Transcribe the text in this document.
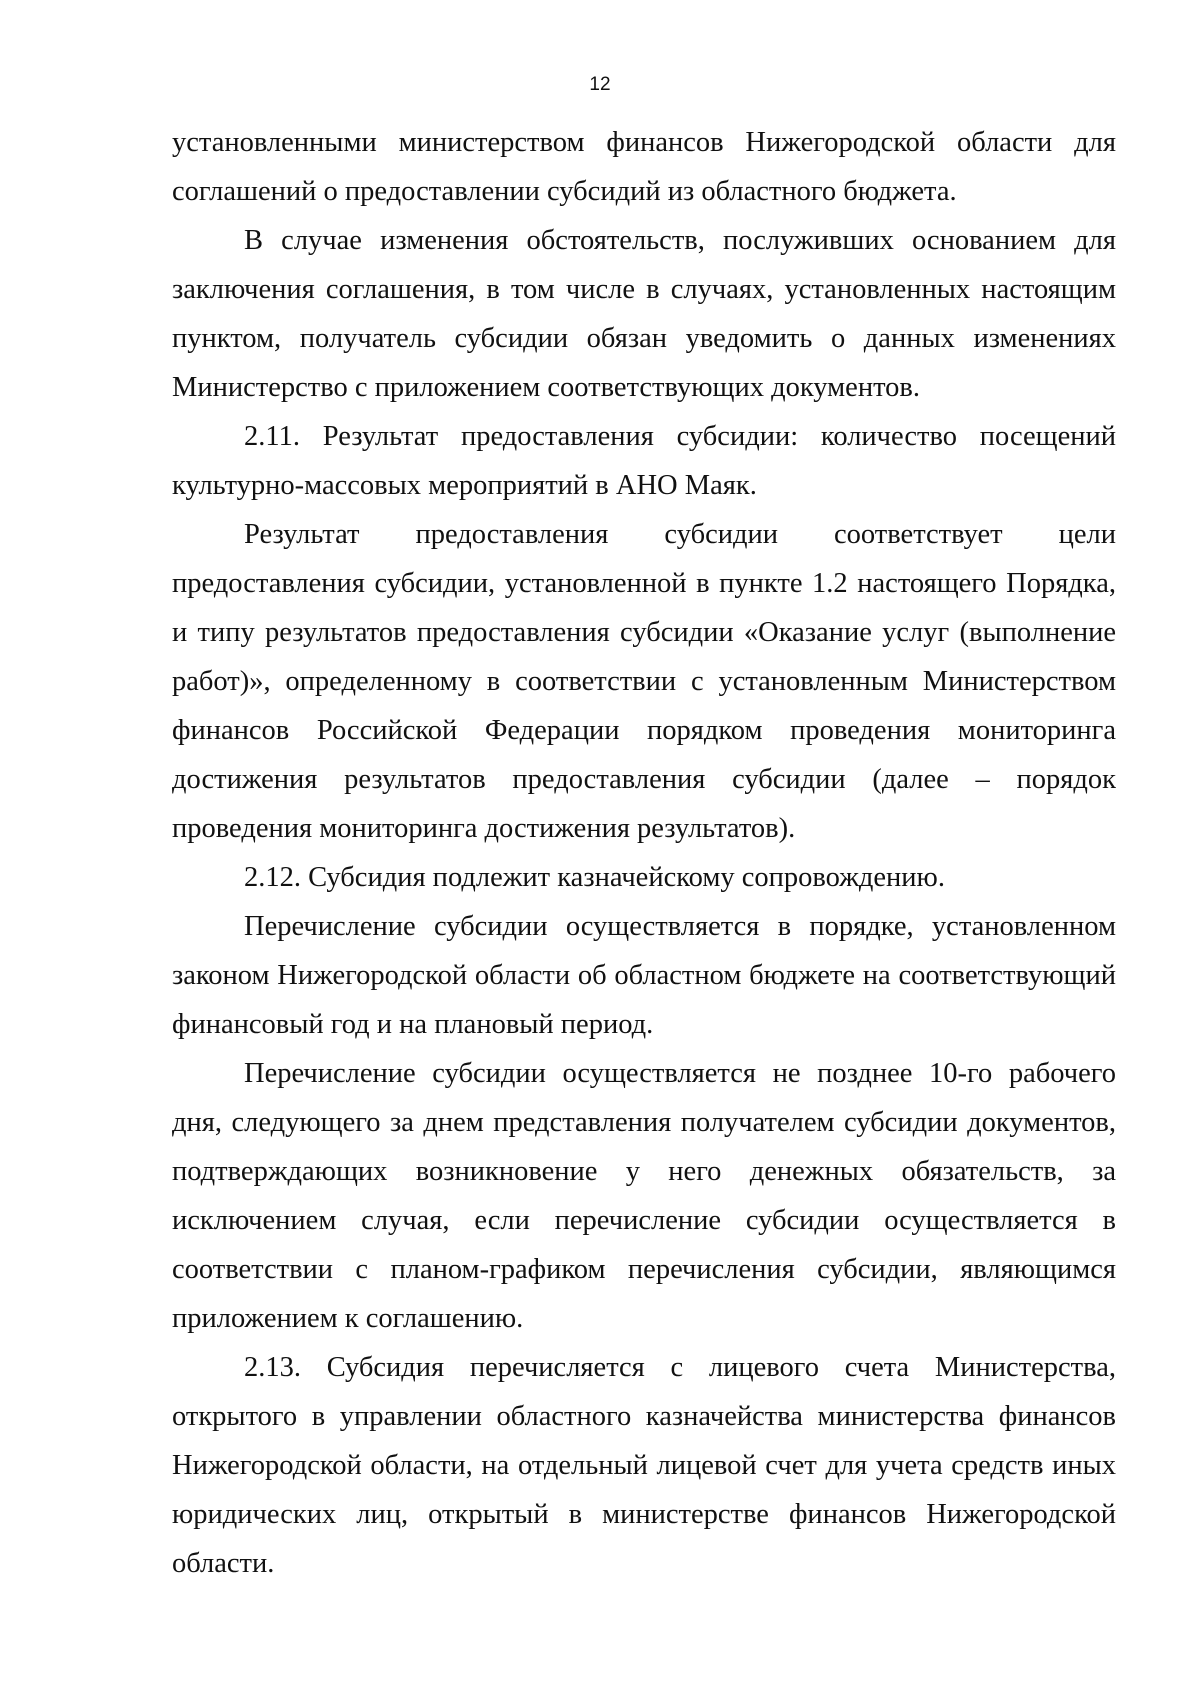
12

установленными министерством финансов Нижегородской области для соглашений о предоставлении субсидий из областного бюджета.

В случае изменения обстоятельств, послуживших основанием для заключения соглашения, в том числе в случаях, установленных настоящим пунктом, получатель субсидии обязан уведомить о данных изменениях Министерство с приложением соответствующих документов.

2.11. Результат предоставления субсидии: количество посещений культурно-массовых мероприятий в АНО Маяк.

Результат предоставления субсидии соответствует цели предоставления субсидии, установленной в пункте 1.2 настоящего Порядка, и типу результатов предоставления субсидии «Оказание услуг (выполнение работ)», определенному в соответствии с установленным Министерством финансов Российской Федерации порядком проведения мониторинга достижения результатов предоставления субсидии (далее – порядок проведения мониторинга достижения результатов).

2.12. Субсидия подлежит казначейскому сопровождению.

Перечисление субсидии осуществляется в порядке, установленном законом Нижегородской области об областном бюджете на соответствующий финансовый год и на плановый период.

Перечисление субсидии осуществляется не позднее 10-го рабочего дня, следующего за днем представления получателем субсидии документов, подтверждающих возникновение у него денежных обязательств, за исключением случая, если перечисление субсидии осуществляется в соответствии с планом-графиком перечисления субсидии, являющимся приложением к соглашению.

2.13. Субсидия перечисляется с лицевого счета Министерства, открытого в управлении областного казначейства министерства финансов Нижегородской области, на отдельный лицевой счет для учета средств иных юридических лиц, открытый в министерстве финансов Нижегородской области.
